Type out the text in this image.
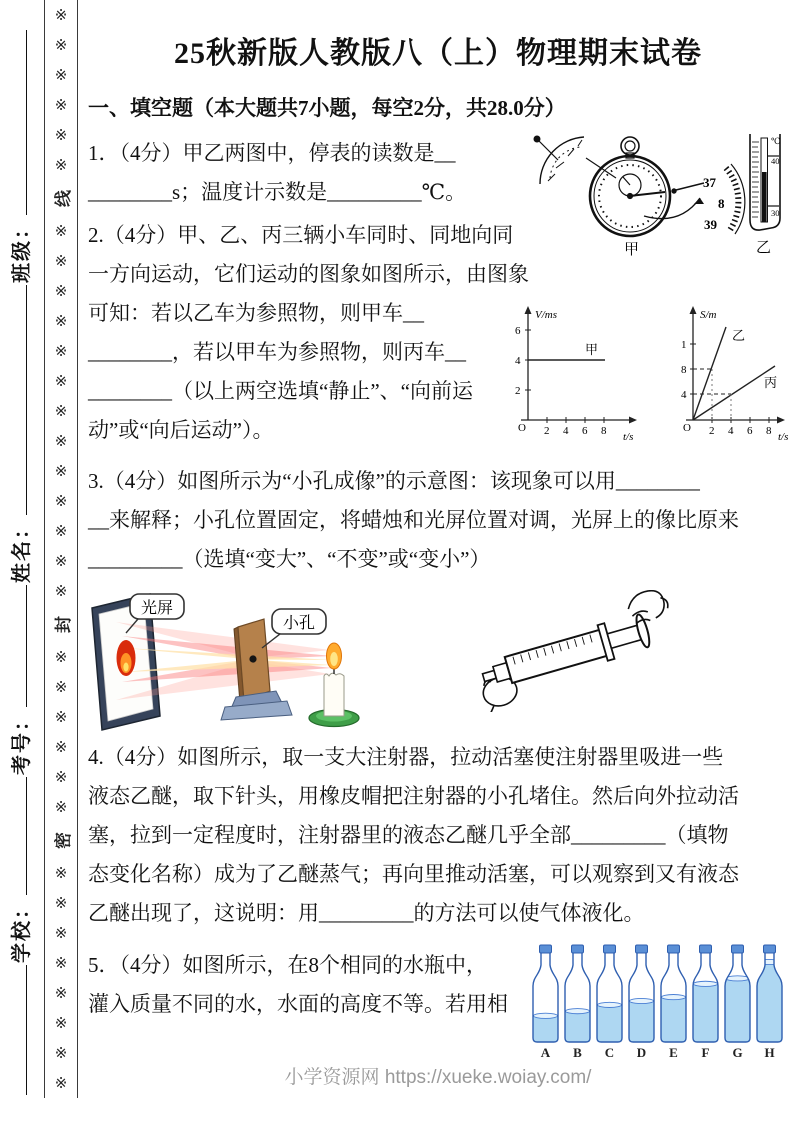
学校：
考号：
姓名：
班级：
※
※
※
※
※
※
线
※
※
※
※
※
※
※
※
※
※
※
※
※
封
※
※
※
※
※
※
密
※
※
※
※
※
※
※
※
25秋新版人教版八（上）物理期末试卷
一、填空题（本大题共7小题，每空2分，共28.0分）
1．（4分）甲乙两图中，停表的读数是__
________s；温度计示数是_________℃。
2.（4分）甲、乙、丙三辆小车同时、同地向同
一方向运动，它们运动的图象如图所示，由图象
可知：若以乙车为参照物，则甲车__
________，若以甲车为参照物，则丙车__
________（以上两空选填“静止”、“向前运
动”或“向后运动”）。
3.（4分）如图所示为“小孔成像”的示意图：该现象可以用________
__来解释；小孔位置固定，将蜡烛和光屏位置对调，光屏上的像比原来
_________（选填“变大”、“不变”或“变小”）
4.（4分）如图所示，取一支大注射器，拉动活塞使注射器里吸进一些
液态乙醚，取下针头，用橡皮帽把注射器的小孔堵住。然后向外拉动活
塞，拉到一定程度时，注射器里的液态乙醚几乎全部_________（填物
态变化名称）成为了乙醚蒸气；再向里推动活塞，可以观察到又有液态
乙醚出现了，这说明：用_________的方法可以使气体液化。
5．（4分）如图所示，在8个相同的水瓶中，
灌入质量不同的水，水面的高度不等。若用相
37
8
39
甲
℃
40
30
乙
V/ms
6
4
2
2 4 6 8
O
t/s
甲
S/m
1
8
4
2 4 6 8
O
t/s
乙
丙
光屏
小孔
A B C D E F G H
小学资源网 https://xueke.woiay.com/
